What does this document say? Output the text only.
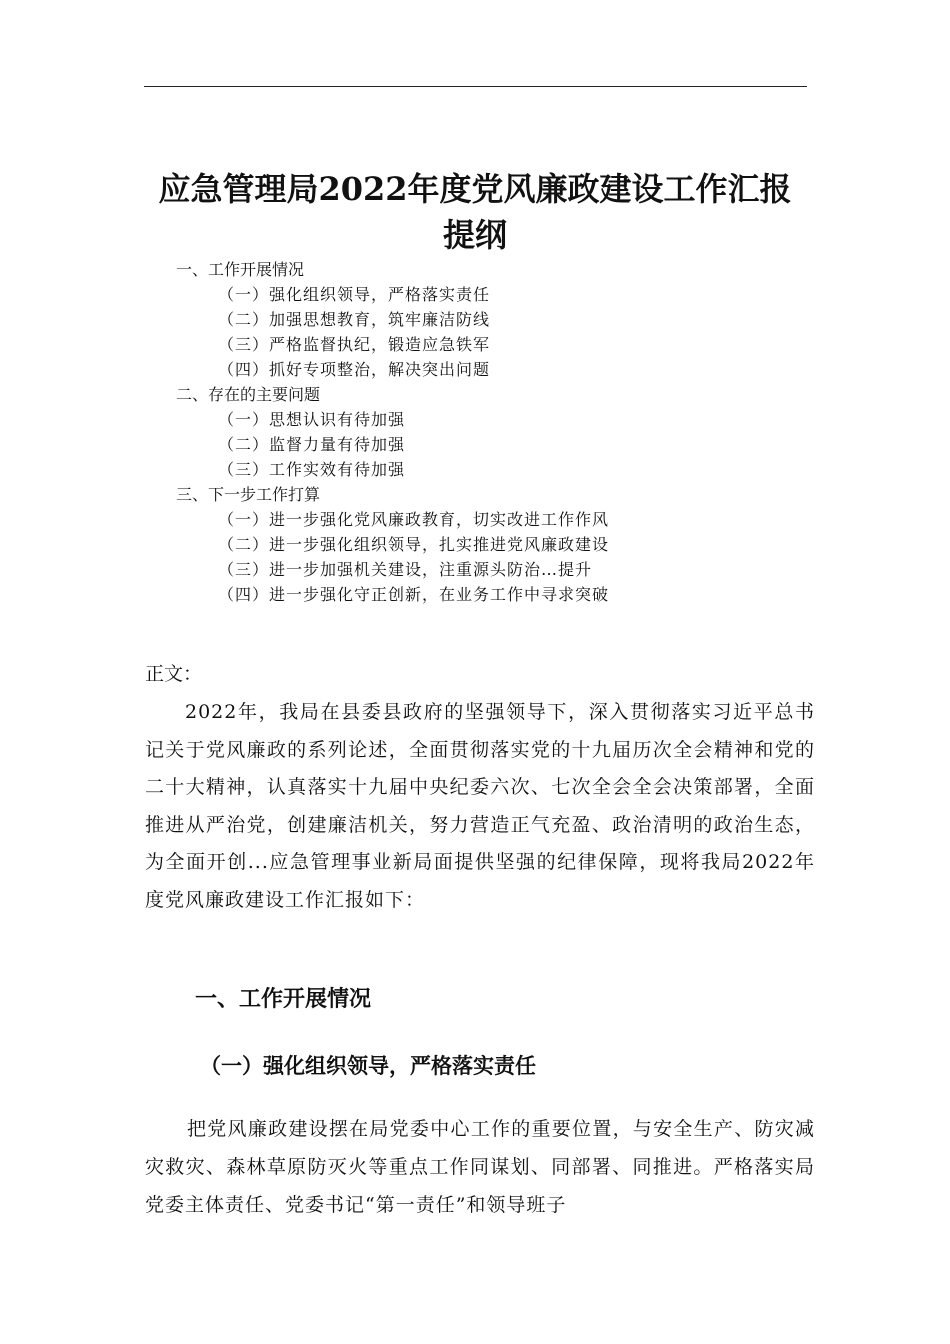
应急管理局2022年度党风廉政建设工作汇报
提纲
一、工作开展情况
（一）强化组织领导，严格落实责任
（二）加强思想教育，筑牢廉洁防线
（三）严格监督执纪，锻造应急铁军
（四）抓好专项整治，解决突出问题
二、存在的主要问题
（一）思想认识有待加强
（二）监督力量有待加强
（三）工作实效有待加强
三、下一步工作打算
（一）进一步强化党风廉政教育，切实改进工作作风
（二）进一步强化组织领导，扎实推进党风廉政建设
（三）进一步加强机关建设，注重源头防治…提升
（四）进一步强化守正创新，在业务工作中寻求突破
正文：
2022年，我局在县委县政府的坚强领导下，深入贯彻落实习近平总书记关于党风廉政的系列论述，全面贯彻落实党的十九届历次全会精神和党的二十大精神，认真落实十九届中央纪委六次、七次全会全会决策部署，全面推进从严治党，创建廉洁机关，努力营造正气充盈、政治清明的政治生态，为全面开创...应急管理事业新局面提供坚强的纪律保障，现将我局2022年度党风廉政建设工作汇报如下：
一、工作开展情况
（一）强化组织领导，严格落实责任
把党风廉政建设摆在局党委中心工作的重要位置，与安全生产、防灾减灾救灾、森林草原防灭火等重点工作同谋划、同部署、同推进。严格落实局党委主体责任、党委书记“第一责任”和领导班子
